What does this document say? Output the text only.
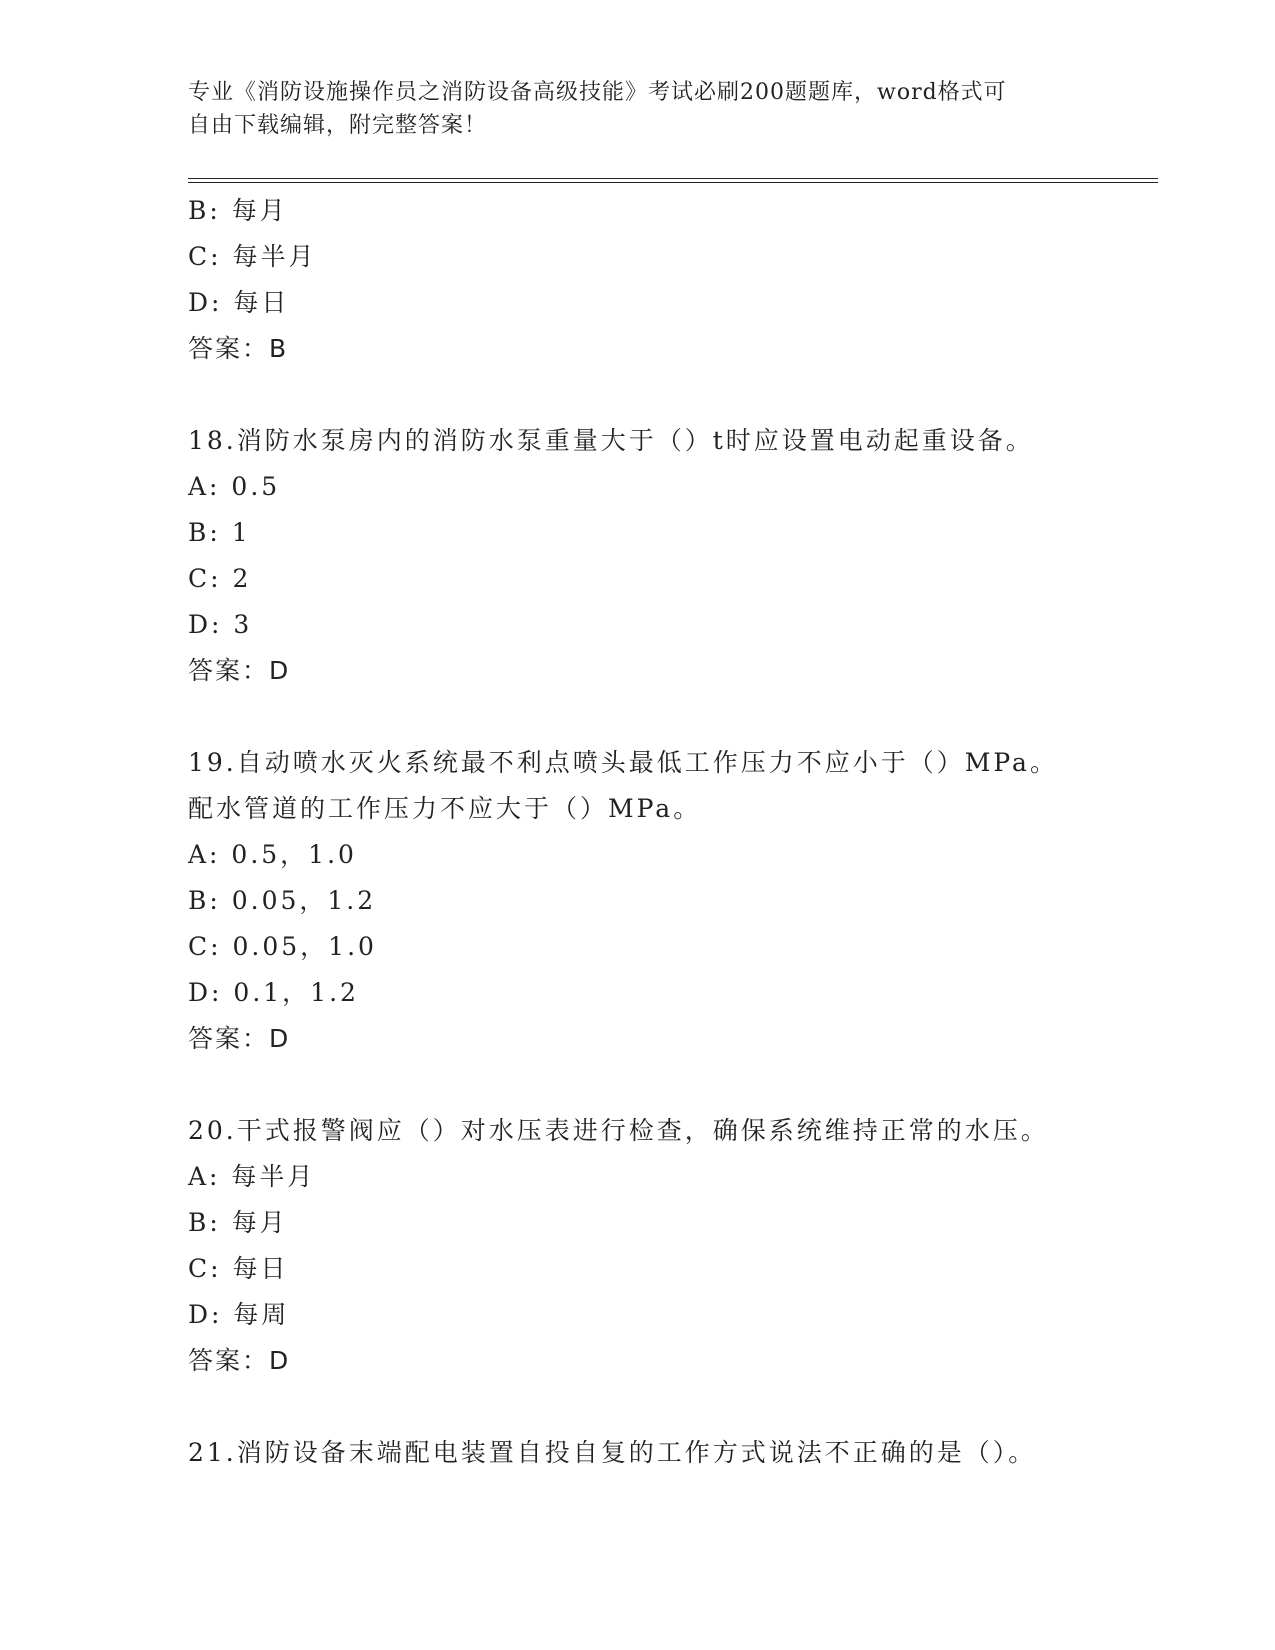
专业《消防设施操作员之消防设备高级技能》考试必刷200题题库，word格式可
自由下载编辑，附完整答案！
B: 每月
C: 每半月
D: 每日
答案：B
18.消防水泵房内的消防水泵重量大于（）t时应设置电动起重设备。
A: 0.5
B: 1
C: 2
D: 3
答案：D
19.自动喷水灭火系统最不利点喷头最低工作压力不应小于（）MPa。
配水管道的工作压力不应大于（）MPa。
A: 0.5，1.0
B: 0.05，1.2
C: 0.05，1.0
D: 0.1，1.2
答案：D
20.干式报警阀应（）对水压表进行检查，确保系统维持正常的水压。
A: 每半月
B: 每月
C: 每日
D: 每周
答案：D
21.消防设备末端配电装置自投自复的工作方式说法不正确的是（）。
